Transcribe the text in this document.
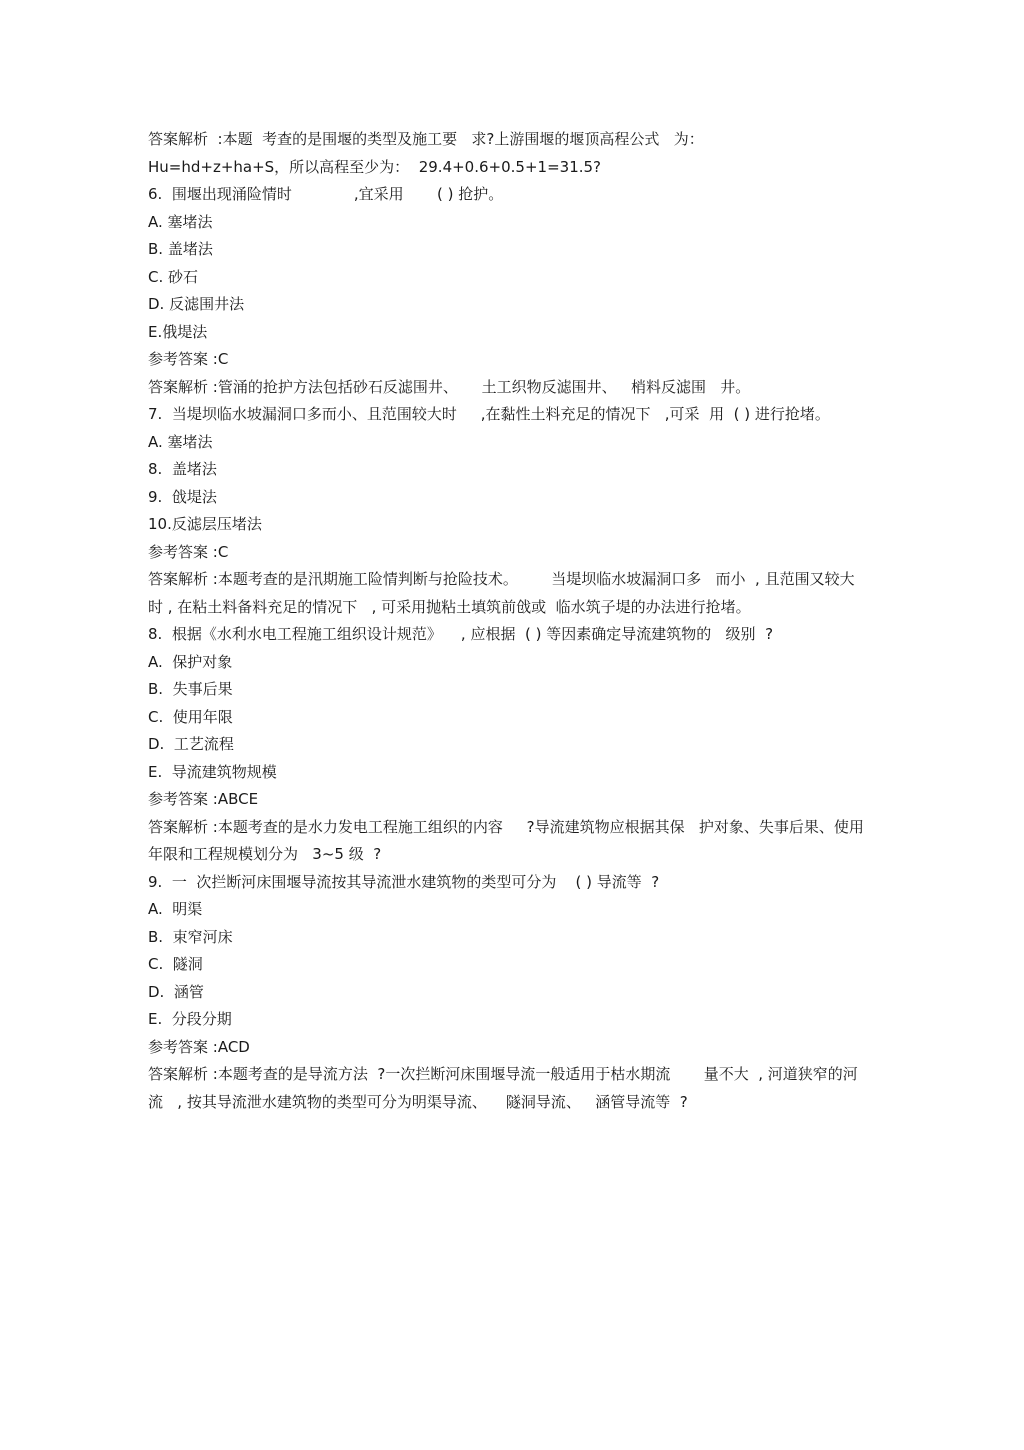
答案解析  :本题  考查的是围堰的类型及施工要   求?上游围堰的堰顶高程公式   为：
Hu=hd+z+ha+S，所以高程至少为：  29.4+0.6+0.5+1=31.5?
6.  围堰出现涌险情时             ,宜采用       ( ) 抢护。
A. 塞堵法
B. 盖堵法
C. 砂石
D. 反滤围井法
E.俄堤法
参考答案 :C
答案解析 :管涌的抢护方法包括砂石反滤围井、     土工织物反滤围井、   梢料反滤围   井。
7.  当堤坝临水坡漏洞口多而小、且范围较大时     ,在黏性土料充足的情况下   ,可采  用  ( ) 进行抢堵。
A. 塞堵法
8.  盖堵法
9.  戗堤法
10.反滤层压堵法
参考答案 :C
答案解析 :本题考查的是汛期施工险情判断与抢险技术。       当堤坝临水坡漏洞口多   而小  , 且范围又较大时 , 在粘土料备料充足的情况下   , 可采用抛粘土填筑前戗或  临水筑子堤的办法进行抢堵。
8.  根据《水利水电工程施工组织设计规范》    , 应根据  ( ) 等因素确定导流建筑物的   级别  ?
A.  保护对象
B.  失事后果
C.  使用年限
D.  工艺流程
E.  导流建筑物规模
参考答案 :ABCE
答案解析 :本题考查的是水力发电工程施工组织的内容     ?导流建筑物应根据其保   护对象、失事后果、使用年限和工程规模划分为   3~5 级  ?
9.  一  次拦断河床围堰导流按其导流泄水建筑物的类型可分为    ( ) 导流等  ?
A.  明渠
B.  束窄河床
C.  隧洞
D.  涵管
E.  分段分期
参考答案 :ACD
答案解析 :本题考查的是导流方法  ?一次拦断河床围堰导流一般适用于枯水期流       量不大  , 河道狭窄的河流   , 按其导流泄水建筑物的类型可分为明渠导流、    隧洞导流、   涵管导流等  ?
